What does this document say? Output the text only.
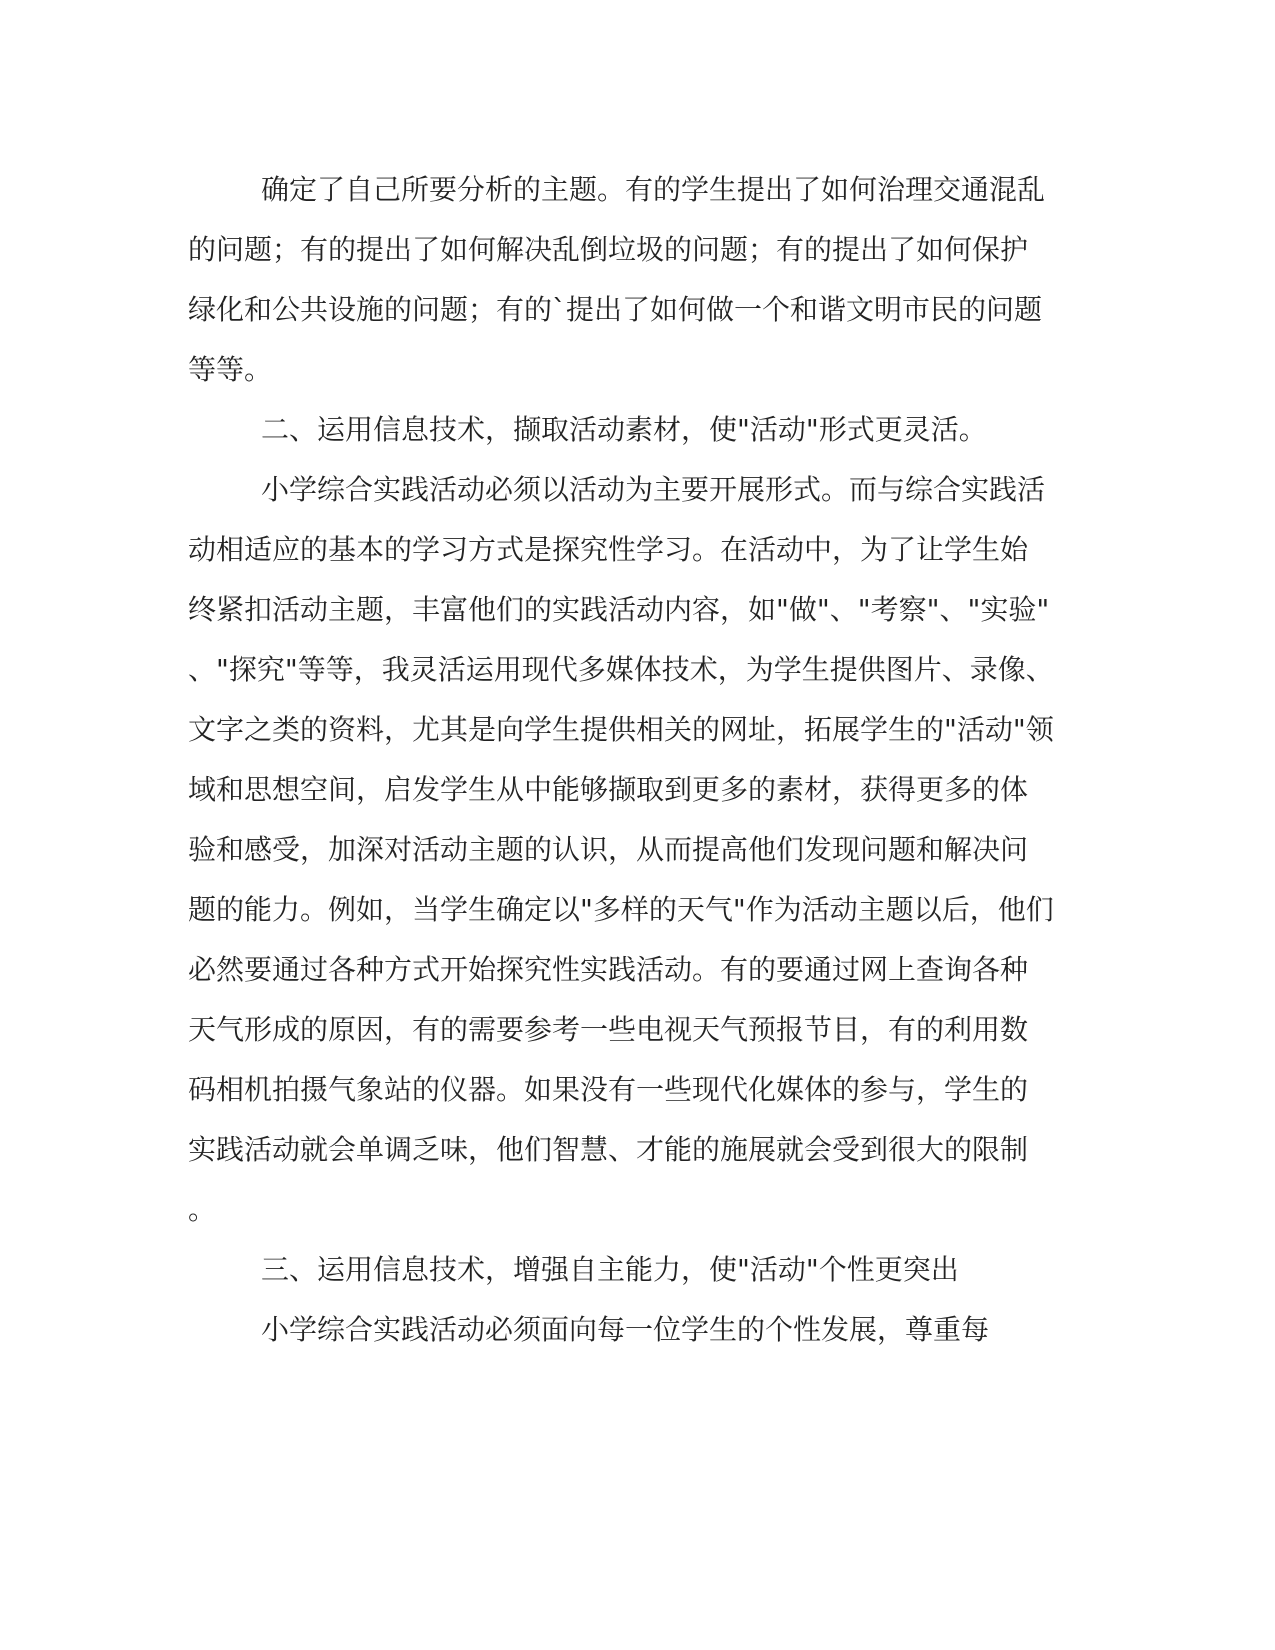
确定了自己所要分析的主题。有的学生提出了如何治理交通混乱
的问题；有的提出了如何解决乱倒垃圾的问题；有的提出了如何保护
绿化和公共设施的问题；有的`提出了如何做一个和谐文明市民的问题
等等。
二、运用信息技术，撷取活动素材，使"活动"形式更灵活。
小学综合实践活动必须以活动为主要开展形式。而与综合实践活
动相适应的基本的学习方式是探究性学习。在活动中，为了让学生始
终紧扣活动主题，丰富他们的实践活动内容，如"做"、"考察"、"实验"
、"探究"等等，我灵活运用现代多媒体技术，为学生提供图片、录像、
文字之类的资料，尤其是向学生提供相关的网址，拓展学生的"活动"领
域和思想空间，启发学生从中能够撷取到更多的素材，获得更多的体
验和感受，加深对活动主题的认识，从而提高他们发现问题和解决问
题的能力。例如，当学生确定以"多样的天气"作为活动主题以后，他们
必然要通过各种方式开始探究性实践活动。有的要通过网上查询各种
天气形成的原因，有的需要参考一些电视天气预报节目，有的利用数
码相机拍摄气象站的仪器。如果没有一些现代化媒体的参与，学生的
实践活动就会单调乏味，他们智慧、才能的施展就会受到很大的限制
。
三、运用信息技术，增强自主能力，使"活动"个性更突出
小学综合实践活动必须面向每一位学生的个性发展，尊重每
